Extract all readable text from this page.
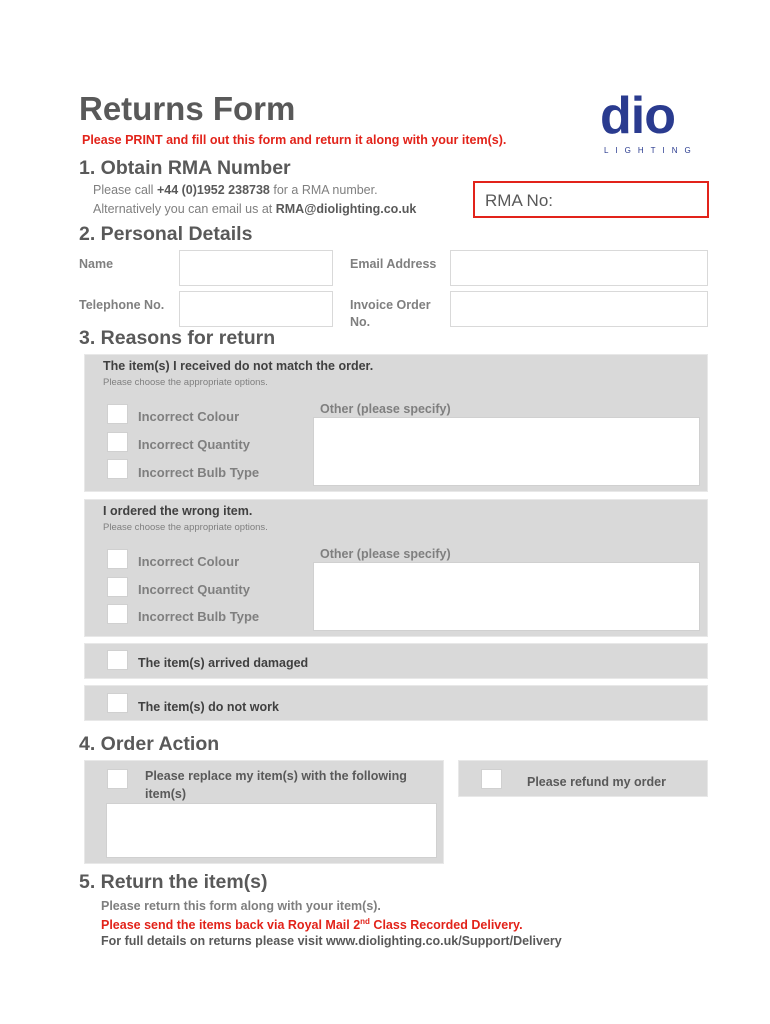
Returns Form
Please PRINT and fill out this form and return it along with your item(s). dio
LIGHTING
1. Obtain RMA Number
Please call +44 (0)1952 238738 for a RMA number.
Alternatively you can email us at RMA@diolighting.co.uk	RMA No:
2. Personal Details
Name	Email Address
Telephone No.	Invoice Order
No.
3. Reasons for return
The item(s) I received do not match the order.
Please choose the appropriate options.
Incorrect Colour
Incorrect Quantity
Incorrect Bulb Type
Other (please specify)
I ordered the wrong item.
Please choose the appropriate options.
Incorrect Colour
Incorrect Quantity
Incorrect Bulb Type
Other (please specify)
The item(s) arrived damaged
The item(s) do not work
4. Order Action
Please replace my item(s) with the following
item(s)
Please refund my order
5. Return the item(s)
Please return this form along with your item(s).
Please send the items back via Royal Mail 2nd Class Recorded Delivery.
For full details on returns please visit www.diolighting.co.uk/Support/Delivery
